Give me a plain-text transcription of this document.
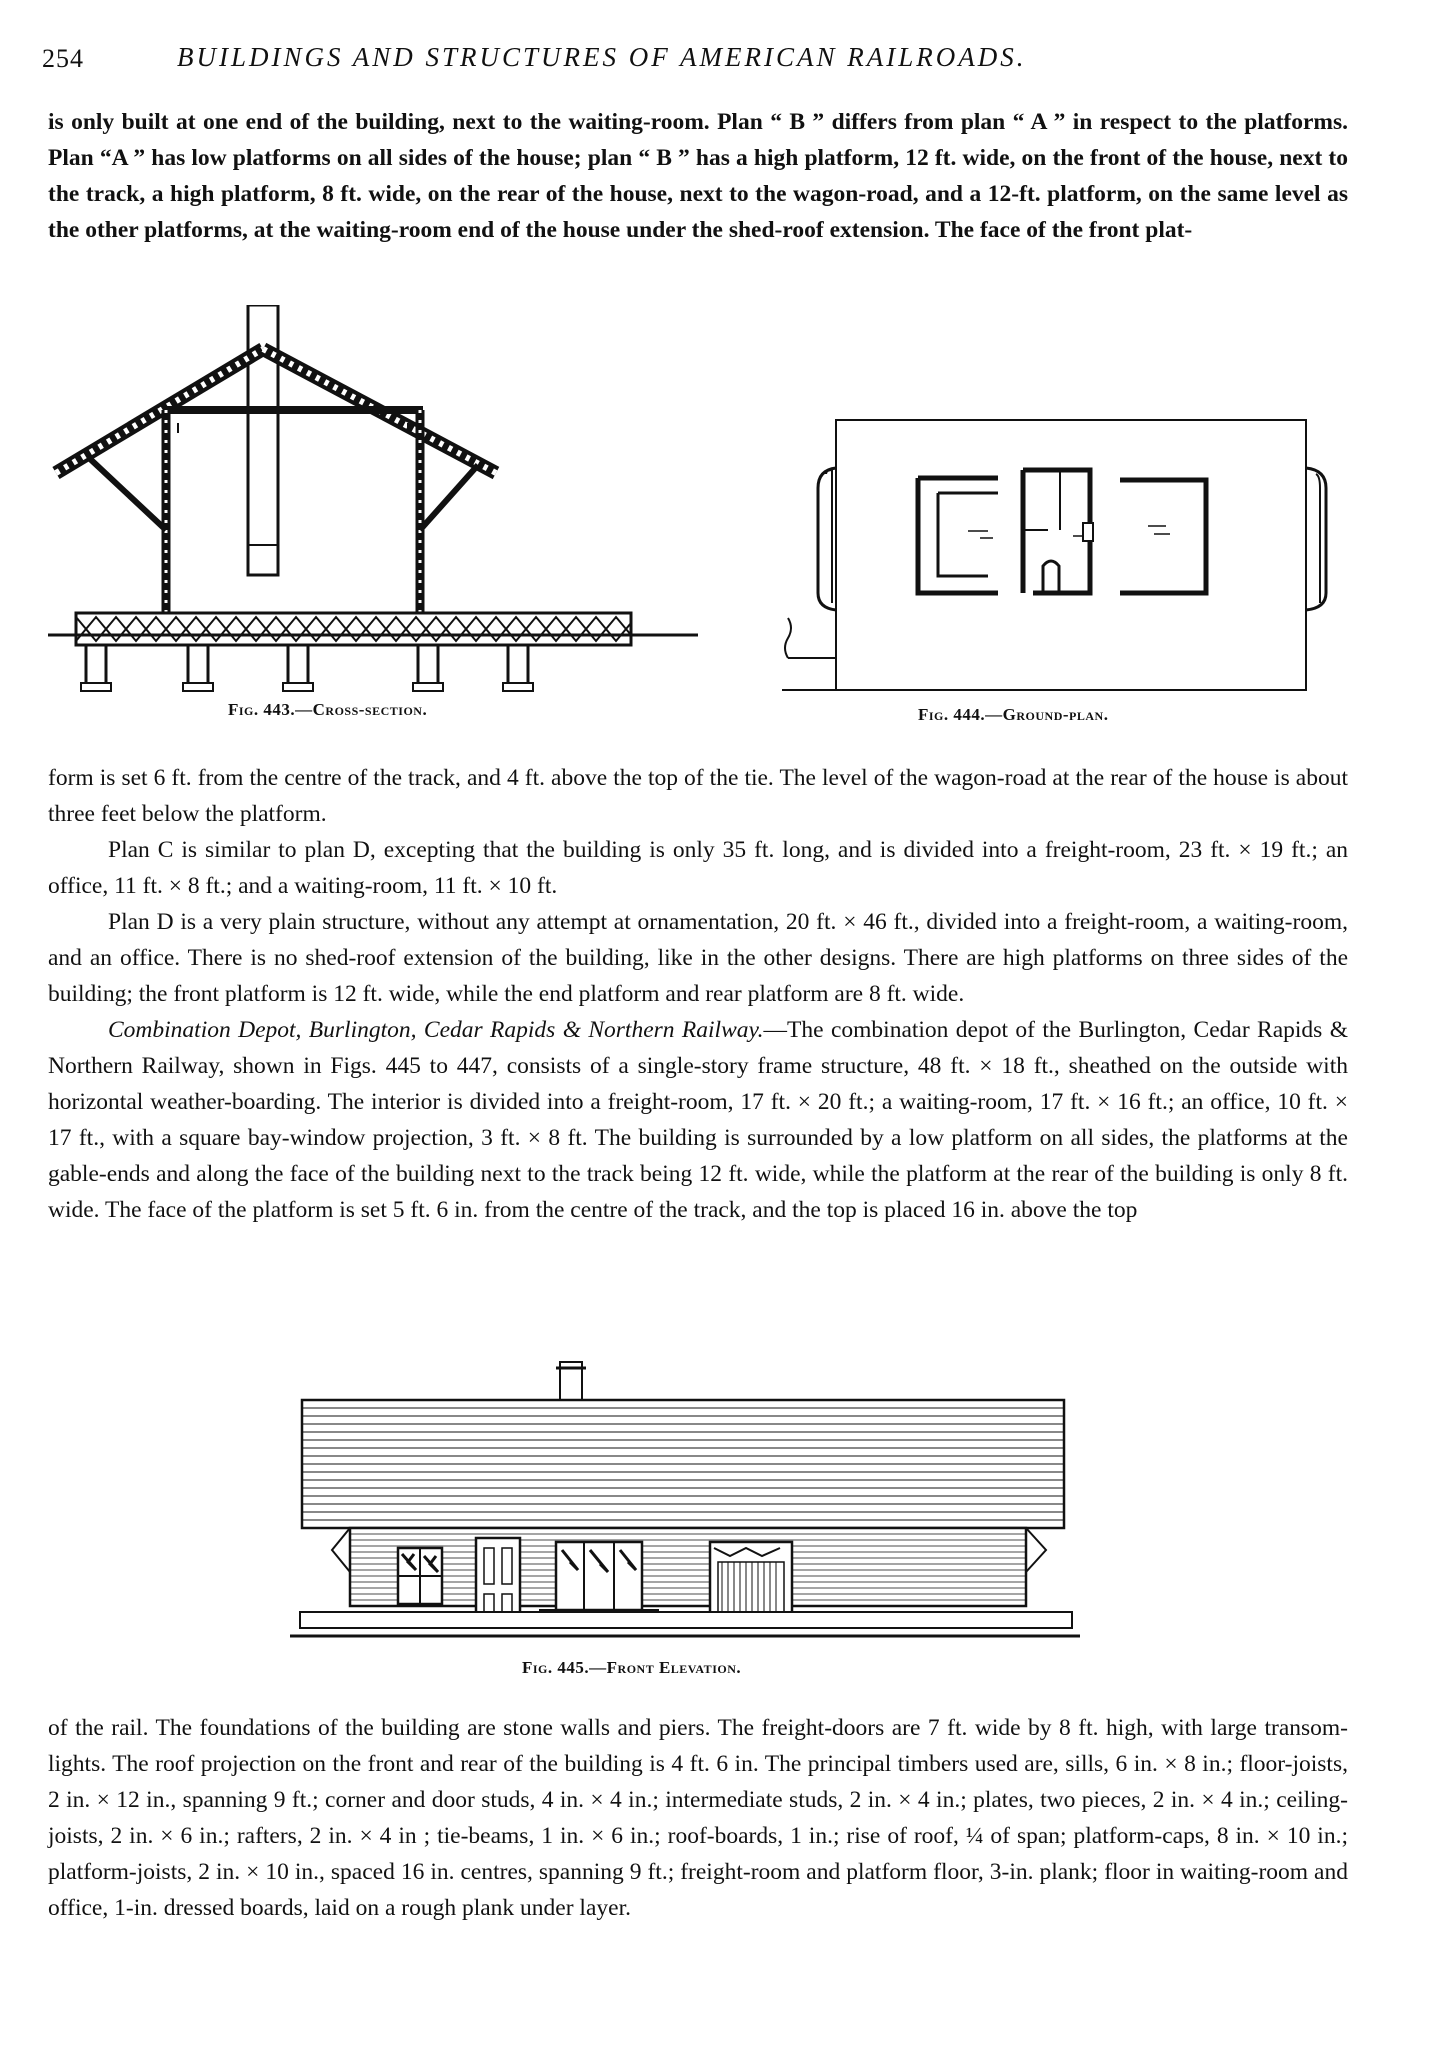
254	BUILDINGS AND STRUCTURES OF AMERICAN RAILROADS.

is only built at one end of the building, next to the waiting-room. Plan “ B ” differs from plan “ A ” in respect to the platforms. Plan “A ” has low platforms on all sides of the house; plan “ B ” has a high platform, 12 ft. wide, on the front of the house, next to the track, a high platform, 8 ft. wide, on the rear of the house, next to the wagon-road, and a 12-ft. platform, on the same level as the other platforms, at the waiting-room end of the house under the shed-roof extension. The face of the front plat-

Fig. 443.—Cross-section.	Fig. 444.—Ground-plan.

form is set 6 ft. from the centre of the track, and 4 ft. above the top of the tie. The level of the wagon-road at the rear of the house is about three feet below the platform.

Plan C is similar to plan D, excepting that the building is only 35 ft. long, and is divided into a freight-room, 23 ft. × 19 ft.; an office, 11 ft. × 8 ft.; and a waiting-room, 11 ft. × 10 ft.

Plan D is a very plain structure, without any attempt at ornamentation, 20 ft. × 46 ft., divided into a freight-room, a waiting-room, and an office. There is no shed-roof extension of the building, like in the other designs. There are high platforms on three sides of the building; the front platform is 12 ft. wide, while the end platform and rear platform are 8 ft. wide.

Combination Depot, Burlington, Cedar Rapids & Northern Railway.—The combination depot of the Burlington, Cedar Rapids & Northern Railway, shown in Figs. 445 to 447, consists of a single-story frame structure, 48 ft. × 18 ft., sheathed on the outside with horizontal weather-boarding. The interior is divided into a freight-room, 17 ft. × 20 ft.; a waiting-room, 17 ft. × 16 ft.; an office, 10 ft. × 17 ft., with a square bay-window projection, 3 ft. × 8 ft. The building is surrounded by a low platform on all sides, the platforms at the gable-ends and along the face of the building next to the track being 12 ft. wide, while the platform at the rear of the building is only 8 ft. wide. The face of the platform is set 5 ft. 6 in. from the centre of the track, and the top is placed 16 in. above the top

Fig. 445.—Front Elevation.

of the rail. The foundations of the building are stone walls and piers. The freight-doors are 7 ft. wide by 8 ft. high, with large transom-lights. The roof projection on the front and rear of the building is 4 ft. 6 in. The principal timbers used are, sills, 6 in. × 8 in.; floor-joists, 2 in. × 12 in., spanning 9 ft.; corner and door studs, 4 in. × 4 in.; intermediate studs, 2 in. × 4 in.; plates, two pieces, 2 in. × 4 in.; ceiling-joists, 2 in. × 6 in.; rafters, 2 in. × 4 in ; tie-beams, 1 in. × 6 in.; roof-boards, 1 in.; rise of roof, ¼ of span; platform-caps, 8 in. × 10 in.; platform-joists, 2 in. × 10 in., spaced 16 in. centres, spanning 9 ft.; freight-room and platform floor, 3-in. plank; floor in waiting-room and office, 1-in. dressed boards, laid on a rough plank under layer.
